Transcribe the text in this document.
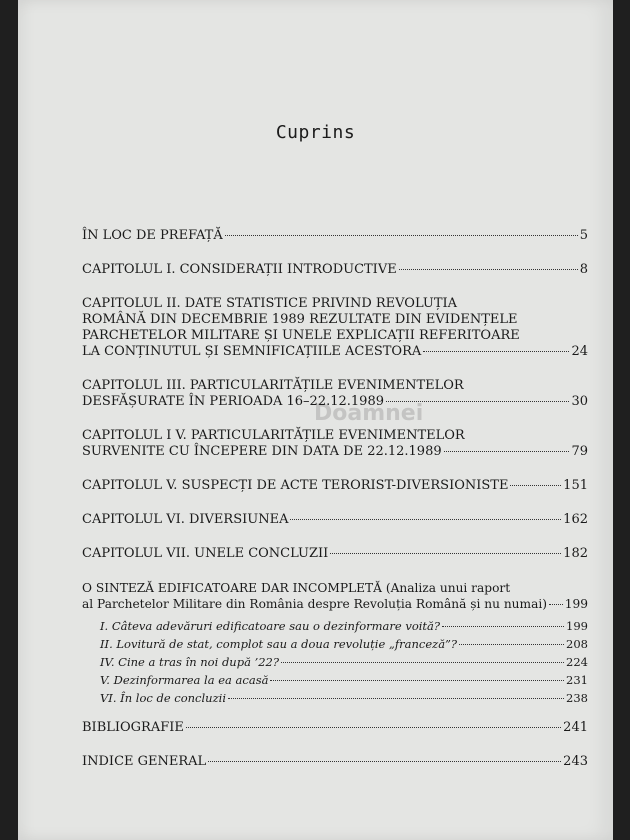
Cuprins
Doamnei
ÎN LOC DE PREFAȚĂ	5
CAPITOLUL I. CONSIDERAȚII INTRODUCTIVE	8
CAPITOLUL II. DATE STATISTICE PRIVIND REVOLUȚIA
ROMÂNĂ DIN DECEMBRIE 1989 REZULTATE DIN EVIDENȚELE
PARCHETELOR MILITARE ȘI UNELE EXPLICAȚII REFERITOARE
LA CONȚINUTUL ȘI SEMNIFICAȚIILE ACESTORA	24
CAPITOLUL III. PARTICULARITĂȚILE EVENIMENTELOR
DESFĂȘURATE ÎN PERIOADA 16–22.12.1989	30
CAPITOLUL I V. PARTICULARITĂȚILE EVENIMENTELOR
SURVENITE CU ÎNCEPERE DIN DATA DE 22.12.1989	79
CAPITOLUL V. SUSPECȚI DE ACTE TERORIST-DIVERSIONISTE	151
CAPITOLUL VI. DIVERSIUNEA	162
CAPITOLUL VII. UNELE CONCLUZII	182
O SINTEZĂ EDIFICATOARE DAR INCOMPLETĂ (Analiza unui raport
al Parchetelor Militare din România despre Revoluția Română și nu numai) 199
I. Câteva adevăruri edificatoare sau o dezinformare voită?	199
II. Lovitură de stat, complot sau a doua revoluție „franceză”?	208
IV. Cine a tras în noi după ’22?	224
V. Dezinformarea la ea acasă	231
VI. În loc de concluzii	238
BIBLIOGRAFIE	241
INDICE GENERAL	243
